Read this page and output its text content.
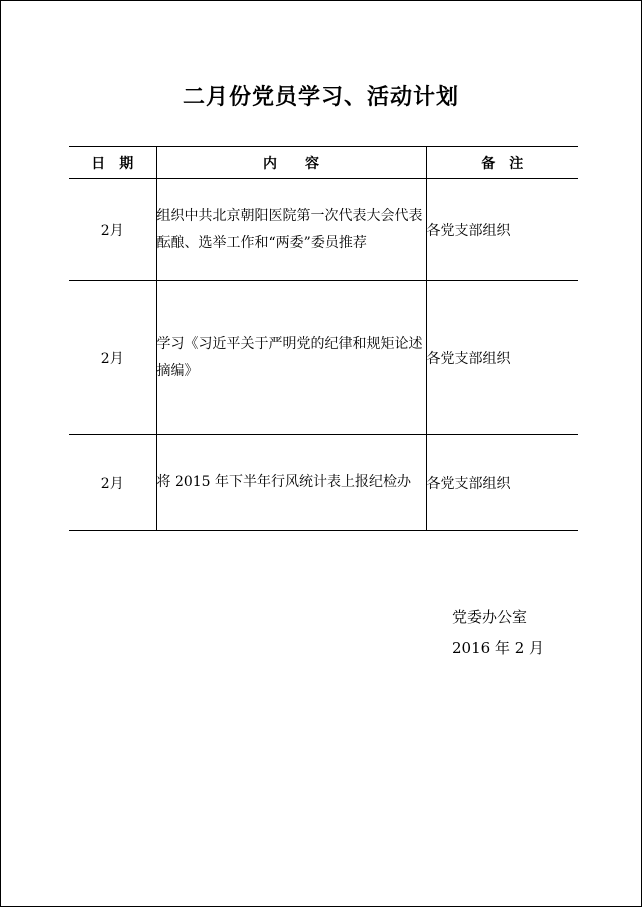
二月份党员学习、活动计划
日　期	内　　容	备　注
2月	组织中共北京朝阳医院第一次代表大会代表酝酿、选举工作和“两委”委员推荐	各党支部组织
2月	学习《习近平关于严明党的纪律和规矩论述摘编》	各党支部组织
2月	将 2015 年下半年行风统计表上报纪检办	各党支部组织
党委办公室
2016 年 2 月
